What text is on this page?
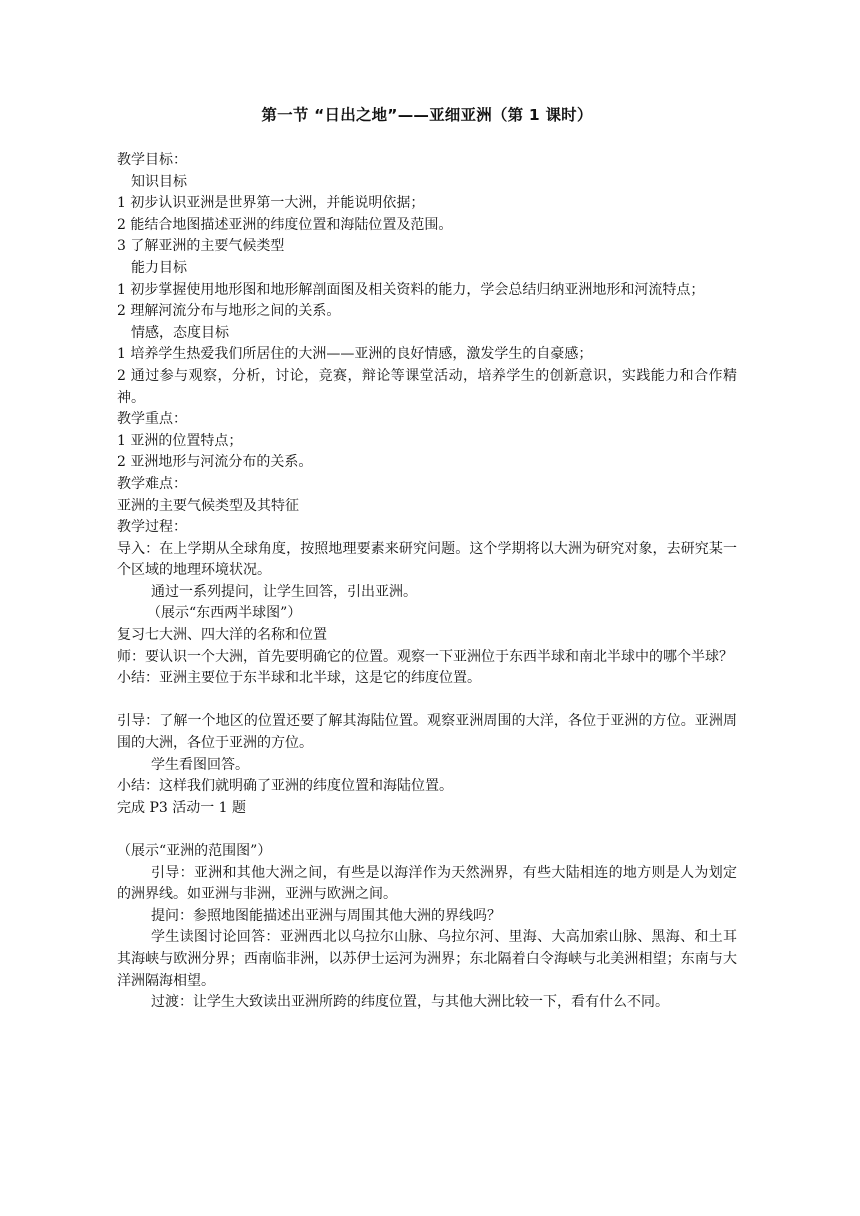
第一节 “日出之地”——亚细亚洲（第 1 课时）

教学目标：

知识目标

1 初步认识亚洲是世界第一大洲，并能说明依据；

2 能结合地图描述亚洲的纬度位置和海陆位置及范围。

3 了解亚洲的主要气候类型

能力目标

1 初步掌握使用地形图和地形解剖面图及相关资料的能力，学会总结归纳亚洲地形和河流特点；

2 理解河流分布与地形之间的关系。

情感，态度目标

1 培养学生热爱我们所居住的大洲——亚洲的良好情感，激发学生的自豪感；

2 通过参与观察，分析，讨论，竞赛，辩论等课堂活动，培养学生的创新意识，实践能力和合作精神。

教学重点：

1 亚洲的位置特点；

2 亚洲地形与河流分布的关系。

教学难点：

亚洲的主要气候类型及其特征

教学过程：

导入：在上学期从全球角度，按照地理要素来研究问题。这个学期将以大洲为研究对象，去研究某一个区域的地理环境状况。

通过一系列提问，让学生回答，引出亚洲。

（展示“东西两半球图”）

复习七大洲、四大洋的名称和位置

师：要认识一个大洲，首先要明确它的位置。观察一下亚洲位于东西半球和南北半球中的哪个半球？

小结：亚洲主要位于东半球和北半球，这是它的纬度位置。

引导：了解一个地区的位置还要了解其海陆位置。观察亚洲周围的大洋，各位于亚洲的方位。亚洲周围的大洲，各位于亚洲的方位。

学生看图回答。

小结：这样我们就明确了亚洲的纬度位置和海陆位置。

完成 P3 活动一 1 题

（展示“亚洲的范围图”）

引导：亚洲和其他大洲之间，有些是以海洋作为天然洲界，有些大陆相连的地方则是人为划定的洲界线。如亚洲与非洲，亚洲与欧洲之间。

提问：参照地图能描述出亚洲与周围其他大洲的界线吗？

学生读图讨论回答：亚洲西北以乌拉尔山脉、乌拉尔河、里海、大高加索山脉、黑海、和土耳其海峡与欧洲分界；西南临非洲，以苏伊士运河为洲界；东北隔着白令海峡与北美洲相望；东南与大洋洲隔海相望。

过渡：让学生大致读出亚洲所跨的纬度位置，与其他大洲比较一下，看有什么不同。
